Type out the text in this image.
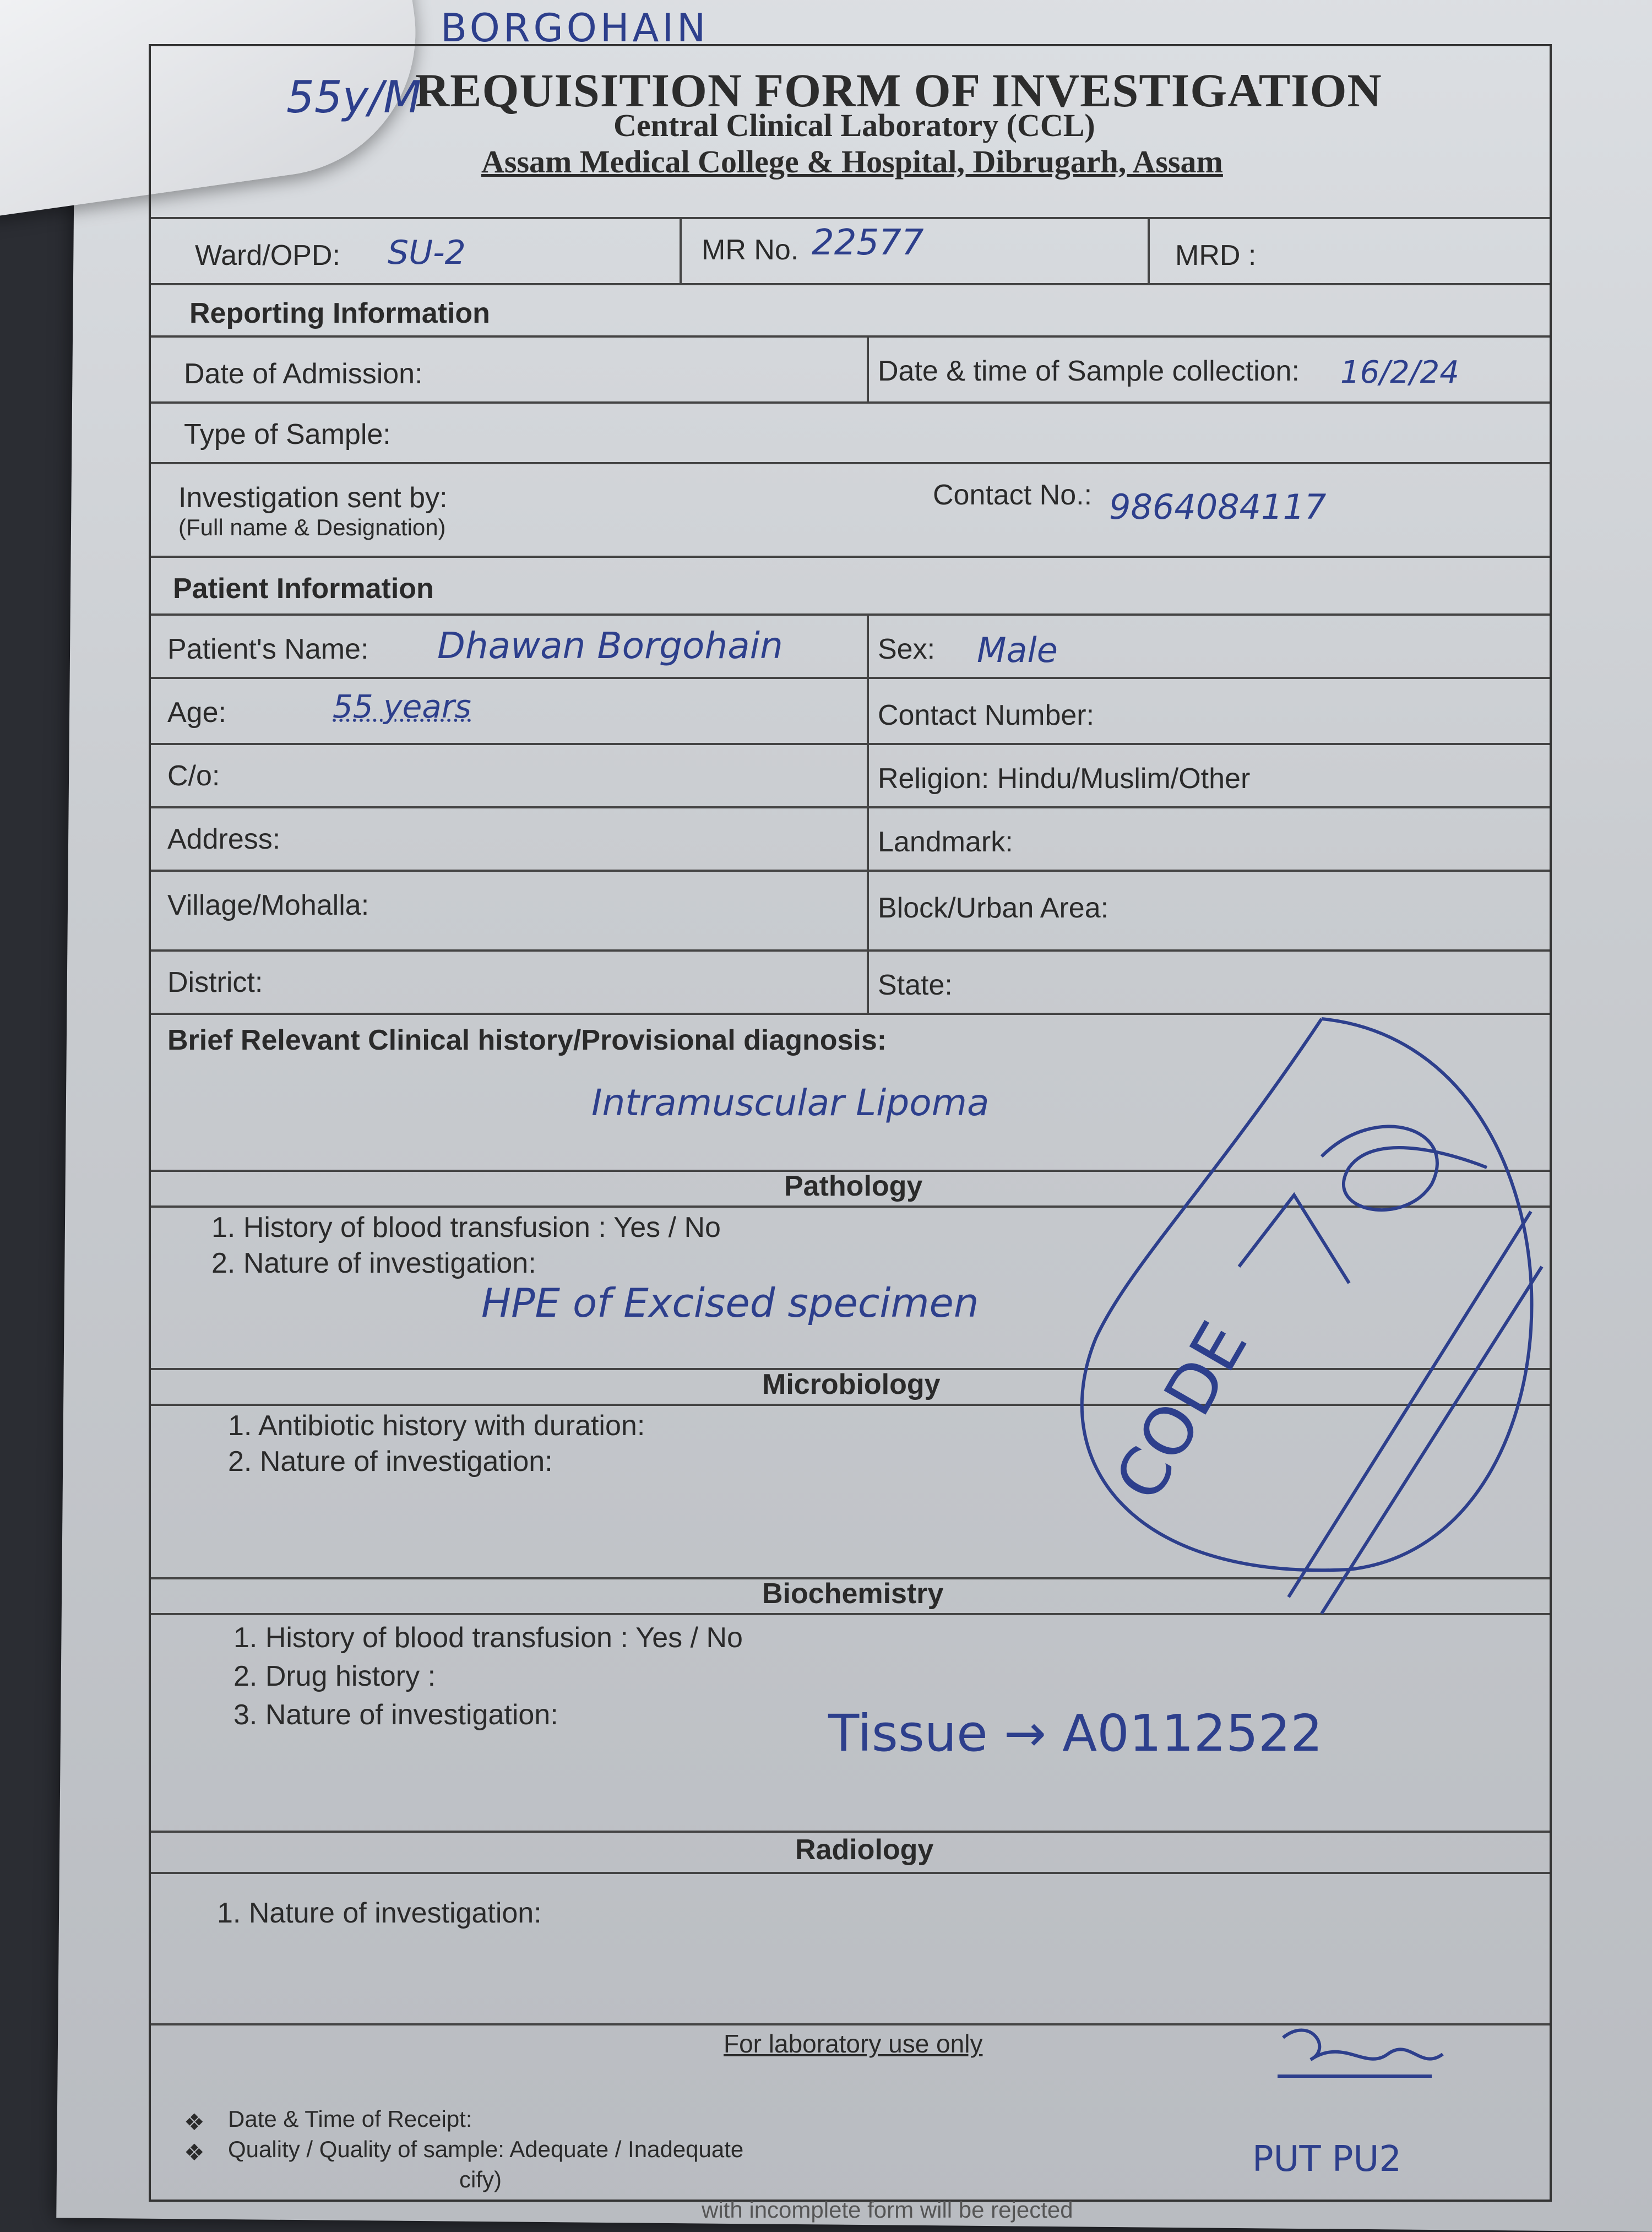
BORGOHAIN
55y/M
REQUISITION FORM OF INVESTIGATION
Central Clinical Laboratory (CCL)
Assam Medical College & Hospital, Dibrugarh, Assam
Ward/OPD: SU-2	MR No. 22577	MRD :
Reporting Information
Date of Admission:	Date & time of Sample collection: 16/2/24
Type of Sample:
Investigation sent by:
(Full name & Designation)
Contact No.: 9864084117
Patient Information
Patient's Name: Dhawan Borgohain	Sex: Male
Age:	55 years	Contact Number:
C/o:	Religion: Hindu/Muslim/Other
Address:	Landmark:
Village/Mohalla:	Block/Urban Area:
District:	State:
Brief Relevant Clinical history/Provisional diagnosis:
Intramuscular Lipoma
Pathology
1. History of blood transfusion : Yes / No
2. Nature of investigation:
HPE of Excised specimen
Microbiology
1. Antibiotic history with duration:
2. Nature of investigation:
Biochemistry
1. History of blood transfusion : Yes / No
2. Drug history :
3. Nature of investigation:	Tissue → A0112522
Radiology
1. Nature of investigation:
For laboratory use only
❖ Date & Time of Receipt:
❖ Quality / Quality of sample: Adequate / Inadequate
cify)	PUT PU2
with incomplete form will be rejected
CODE
